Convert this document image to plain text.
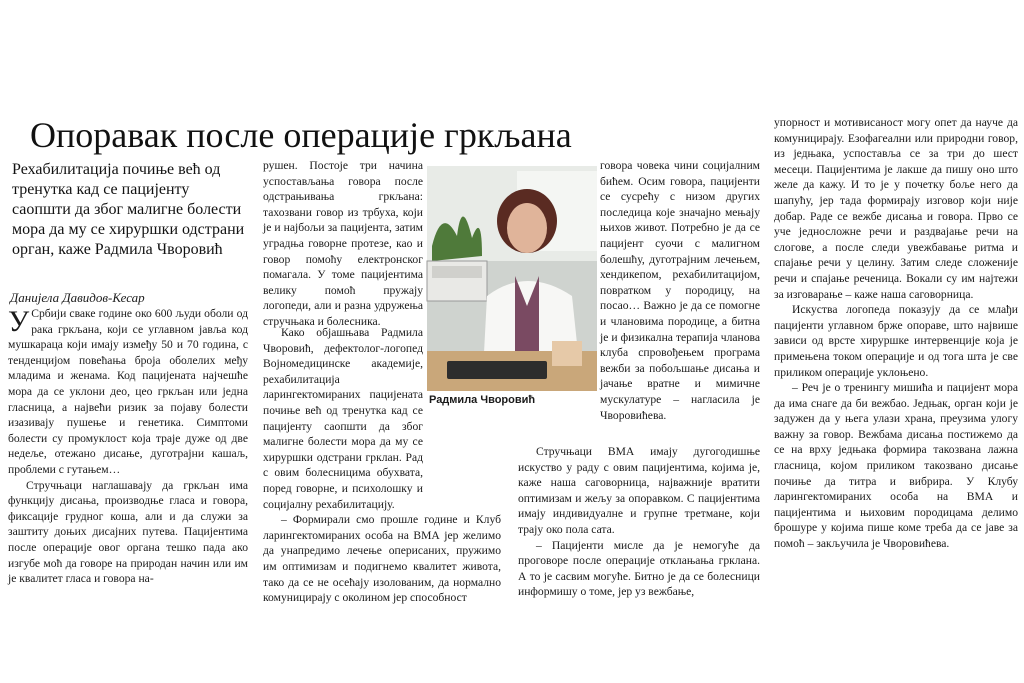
Опоравак после операције гркљана
Рехабилитација почиње већ од тренутка кад се пацијенту саопшти да због малигне болести мора да му се хируршки одстрани орган, каже Радмила Чворовић
Данијела Давидов-Кесар

У Србији сваке године око 600 људи оболи од рака гркљана, који се углавном јавља код мушкараца који имају између 50 и 70 година, с тенденцијом повећања броја оболелих међу младима и женама. Код пацијената најчешће мора да се уклони део, цео гркљан или једна гласница, а највећи ризик за појаву болести изазивају пушење и генетика. Симптоми болести су промуклост која траје дуже од две недеље, отежано дисање, дуготрајни кашаљ, проблеми с гутањем…

Стручњаци наглашавају да гркљан има функцију дисања, производње гласа и говора, фиксације грудног коша, али и да служи за заштиту доњих дисајних путева. Пацијентима после операције овог органа тешко пада ако изгубе моћ да говоре на природан начин или им је квалитет гласа и говора на-

рушен. Постоје три начина успостављања говора после одстрањивања гркљана: тахозвани говор из трбуха, који је и најбољи за пацијента, затим уградња говорне протезе, као и говор помоћу електронског помагала. У томе пацијентима велику помоћ пружају логопеди, али и разна удружења стручњака и болесника.

Како објашњава Радмила Чворовић, дефектолог-логопед Војномедицинске академије, рехабилитација ларингектомираних пацијената почиње већ од тренутка кад се пацијенту саопшти да због малигне болести мора да му се хируршки одстрани грклан. Рад с овим болесницима обухвата, поред говорне, и психолошку и социјалну рехабилитацију.

– Формирали смо прошле године и Клуб ларингектомираних особа на ВМА јер желимо да унапредимо лечење оперисаних, пружимо им оптимизам и подигнемо квалитет живота, тако да се не осећају изолованим, да нормално комуницирају с околином јер способност

Радмила Чворовић

говора човека чини социјалним бићем. Осим говора, пацијенти се сусрећу с низом других последица које значајно мењају њихов живот. Потребно је да се пацијент суочи с малигном болешћу, дуготрајним лечењем, хендикепом, рехабилитацијом, повратком у породицу, на посао… Важно је да се помогне и члановима породице, а битна је и физикална терапија чланова клуба спровођењем програма вежби за побољшање дисања и јачање вратне и мимичне мускулатуре – нагласила је Чворовићева.

Стручњаци ВМА имају дугогодишње искуство у раду с овим пацијентима, којима је, каже наша саговорница, најважније вратити оптимизам и жељу за опоравком. С пацијентима имају индивидуалне и групне третмане, који трају око пола сата.

– Пацијенти мисле да је немогуће да проговоре после операције отклањања грклана. А то је сасвим могуће. Битно је да се болесници информишу о томе, јер уз вежбање,

упорност и мотивисаност могу опет да науче да комуницирају. Езофагеални или природни говор, из једњака, успоставља се за три до шест месеци. Пацијентима је лакше да пишу оно што желе да кажу. И то је у почетку боље него да шапућу, јер тада формирају изговор који није добар. Раде се вежбе дисања и говора. Прво се уче једносложне речи и раздвајање речи на слогове, а после следи увежбавање ритма и спајање речи у целину. Затим следе сложеније речи и спајање реченица. Вокали су им најтежи за изговарање – каже наша саговорница.

Искуства логопеда показују да се млађи пацијенти углавном брже опораве, што највише зависи од врсте хируршке интервенције која је примењена током операције и од тога шта је све приликом операције уклоњено.

– Реч је о тренингу мишића и пацијент мора да има снаге да би вежбао. Једњак, орган који је задужен да у њега улази храна, преузима улогу важну за говор. Вежбама дисања постижемо да се на врху једњака формира такозвана лажна гласница, којом приликом такозвано дисање почиње да титра и вибрира. У Клубу ларингектомираних особа на ВМА и пацијентима и њиховим породицама делимо брошуре у којима пише коме треба да се јаве за помоћ – закључила је Чворовићева.
